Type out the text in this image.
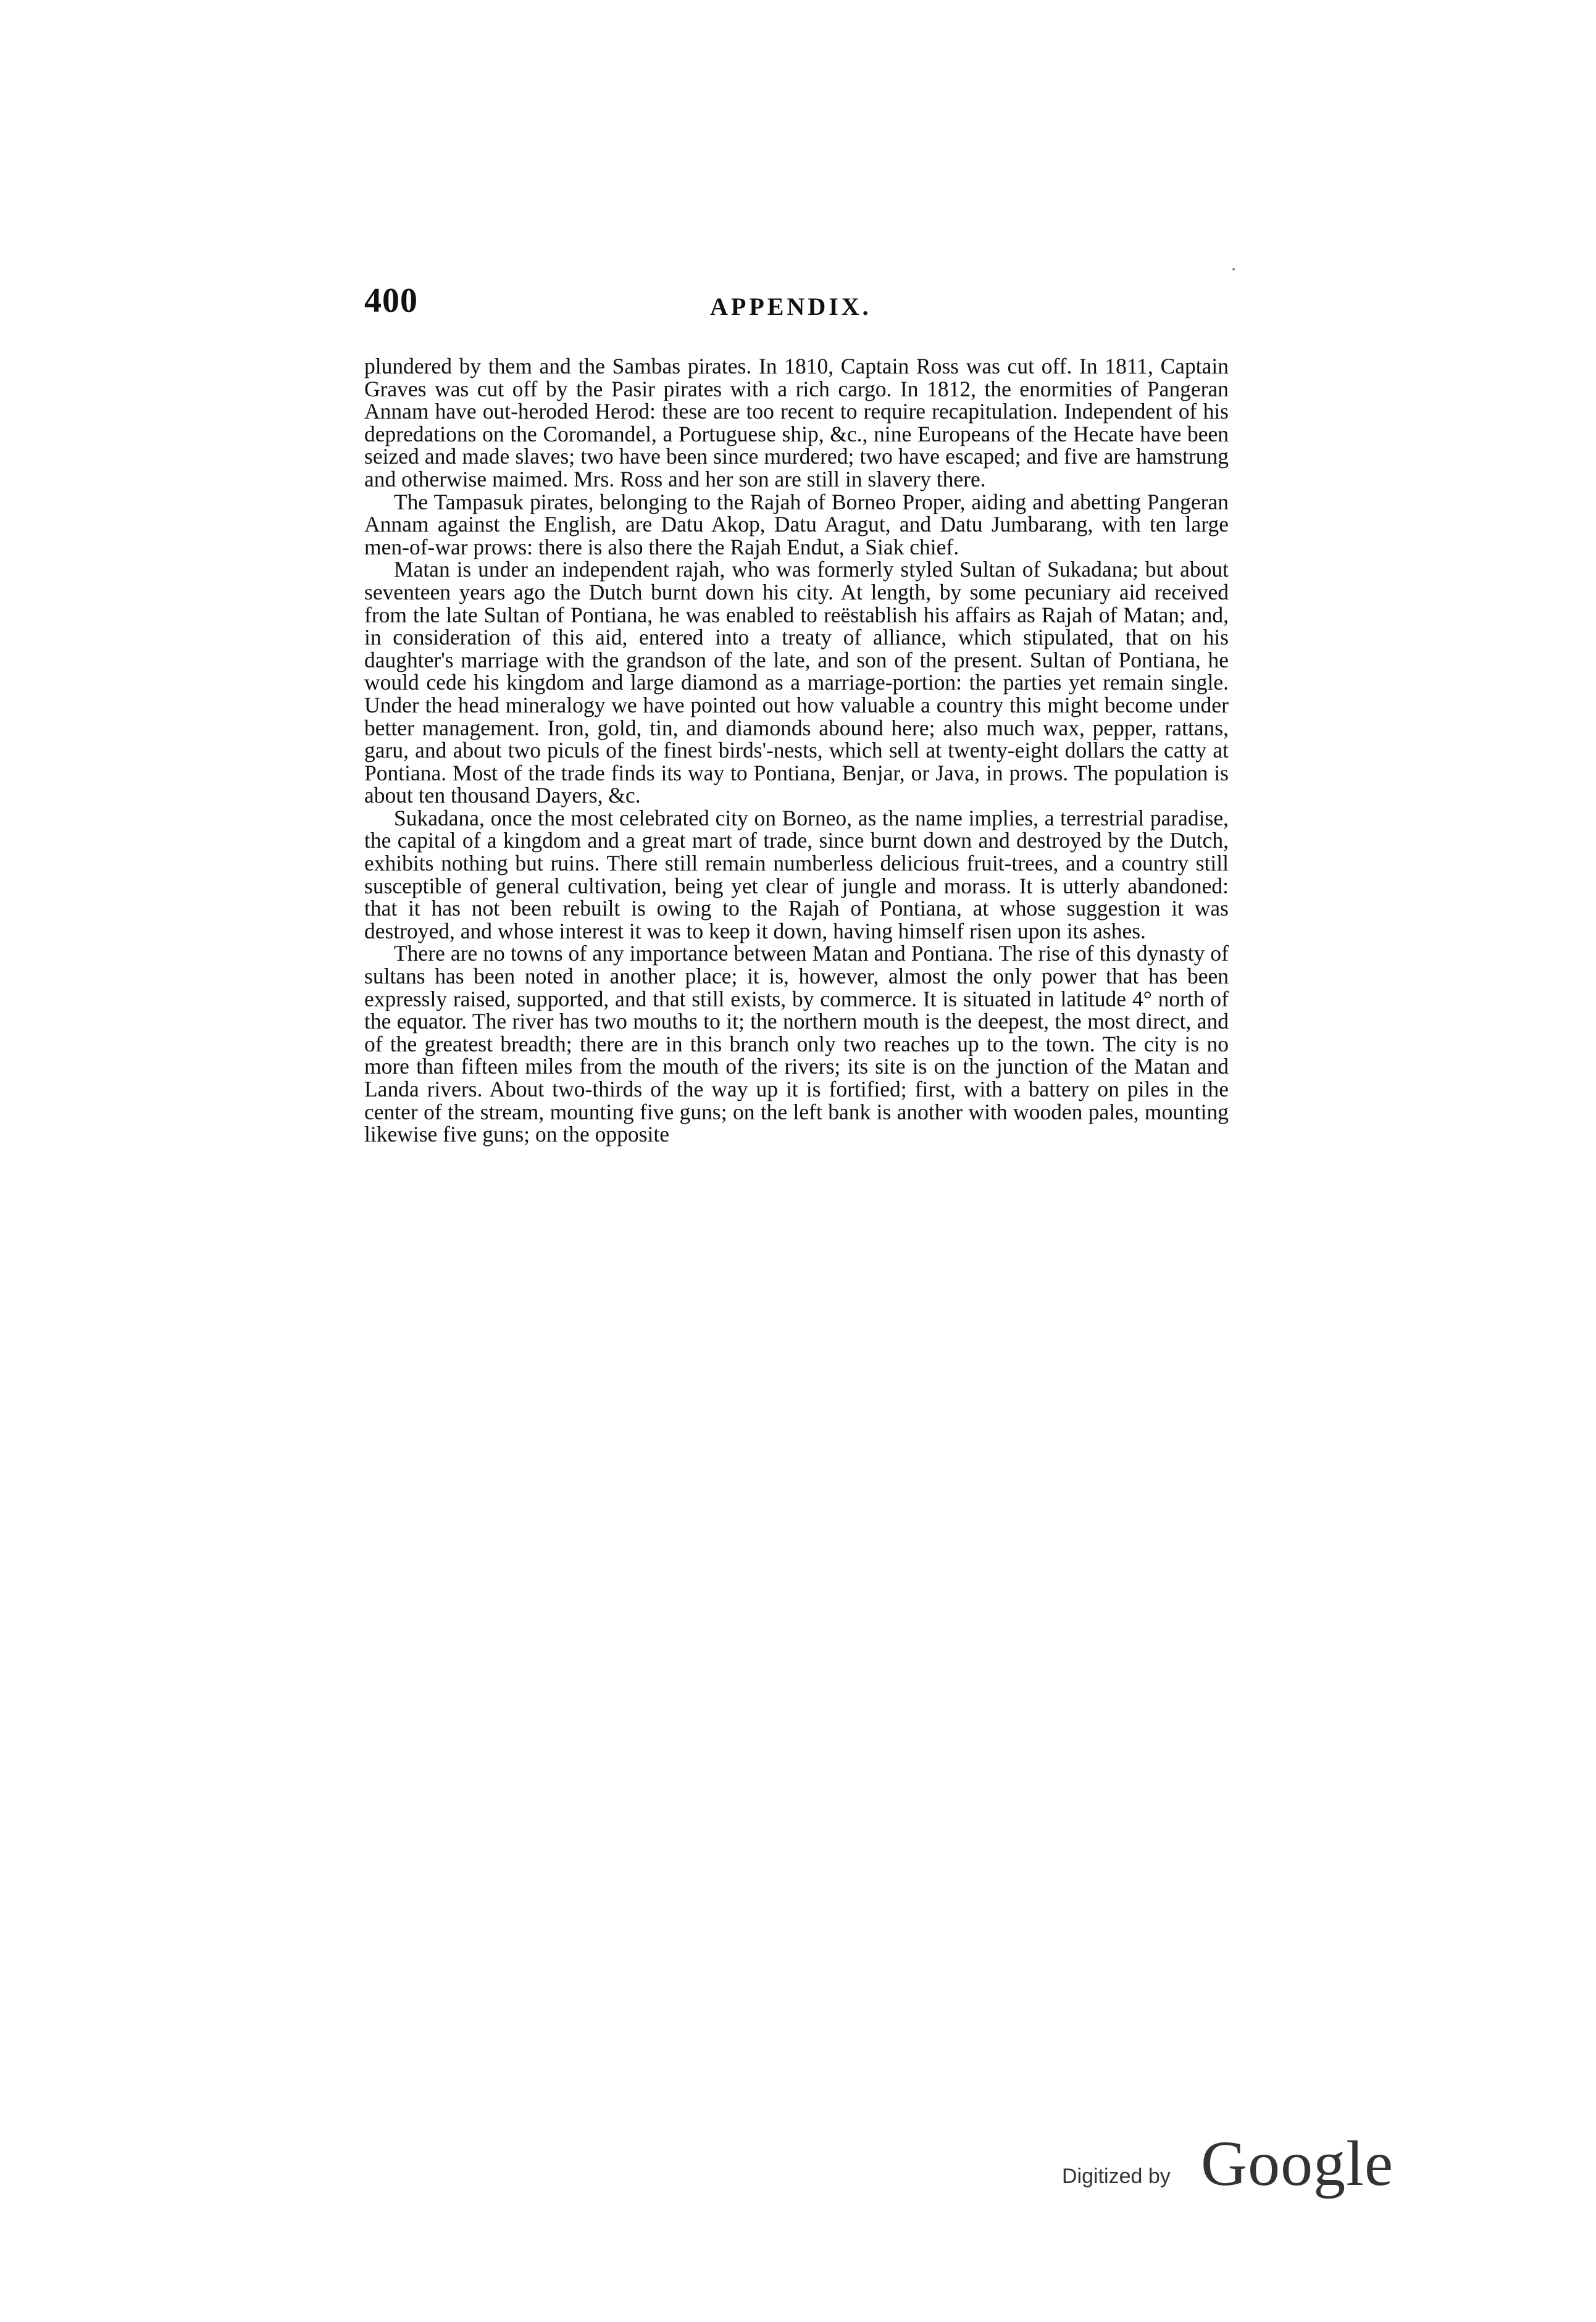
400	APPENDIX.

plundered by them and the Sambas pirates. In 1810, Captain Ross was cut off. In 1811, Captain Graves was cut off by the Pasir pirates with a rich cargo. In 1812, the enormities of Pangeran Annam have out-heroded Herod: these are too recent to require recapitulation. Independent of his depredations on the Coromandel, a Portuguese ship, &c., nine Europeans of the Hecate have been seized and made slaves; two have been since murdered; two have escaped; and five are hamstrung and otherwise maimed. Mrs. Ross and her son are still in slavery there.

The Tampasuk pirates, belonging to the Rajah of Borneo Proper, aiding and abetting Pangeran Annam against the English, are Datu Akop, Datu Aragut, and Datu Jumbarang, with ten large men-of-war prows: there is also there the Rajah Endut, a Siak chief.

Matan is under an independent rajah, who was formerly styled Sultan of Sukadana; but about seventeen years ago the Dutch burnt down his city. At length, by some pecuniary aid received from the late Sultan of Pontiana, he was enabled to reëstablish his affairs as Rajah of Matan; and, in consideration of this aid, entered into a treaty of alliance, which stipulated, that on his daughter's marriage with the grandson of the late, and son of the present. Sultan of Pontiana, he would cede his kingdom and large diamond as a marriage-portion: the parties yet remain single. Under the head mineralogy we have pointed out how valuable a country this might become under better management. Iron, gold, tin, and diamonds abound here; also much wax, pepper, rattans, garu, and about two piculs of the finest birds'-nests, which sell at twenty-eight dollars the catty at Pontiana. Most of the trade finds its way to Pontiana, Benjar, or Java, in prows. The population is about ten thousand Dayers, &c.

Sukadana, once the most celebrated city on Borneo, as the name implies, a terrestrial paradise, the capital of a kingdom and a great mart of trade, since burnt down and destroyed by the Dutch, exhibits nothing but ruins. There still remain numberless delicious fruit-trees, and a country still susceptible of general cultivation, being yet clear of jungle and morass. It is utterly abandoned: that it has not been rebuilt is owing to the Rajah of Pontiana, at whose suggestion it was destroyed, and whose interest it was to keep it down, having himself risen upon its ashes.

There are no towns of any importance between Matan and Pontiana. The rise of this dynasty of sultans has been noted in another place; it is, however, almost the only power that has been expressly raised, supported, and that still exists, by commerce. It is situated in latitude 4° north of the equator. The river has two mouths to it; the northern mouth is the deepest, the most direct, and of the greatest breadth; there are in this branch only two reaches up to the town. The city is no more than fifteen miles from the mouth of the rivers; its site is on the junction of the Matan and Landa rivers. About two-thirds of the way up it is fortified; first, with a battery on piles in the center of the stream, mounting five guns; on the left bank is another with wooden pales, mounting likewise five guns; on the opposite

Digitized by Google
